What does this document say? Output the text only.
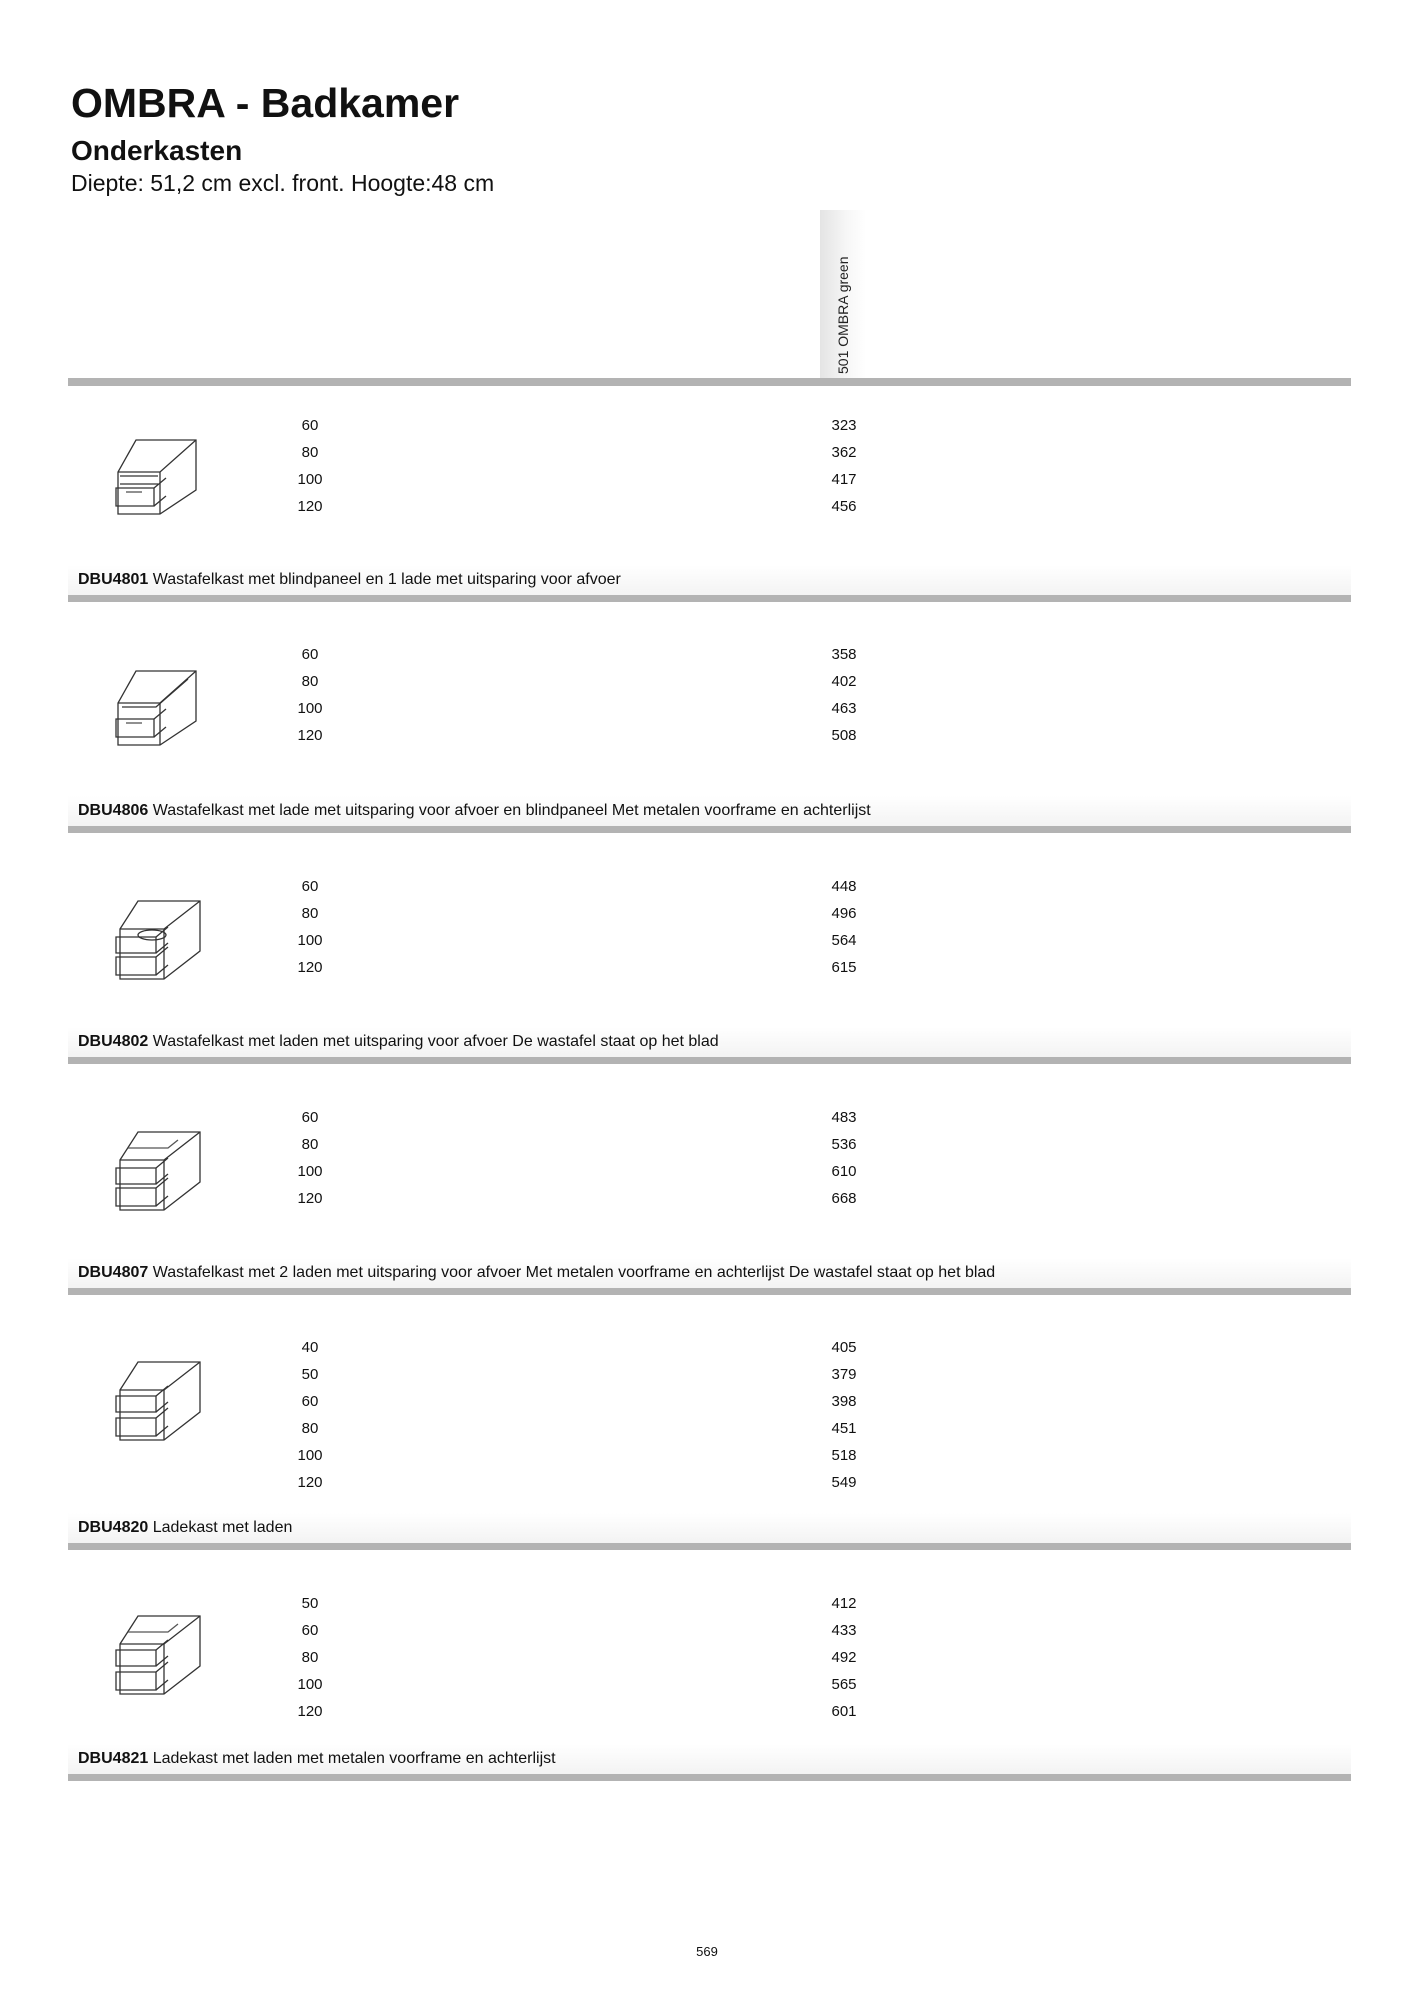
OMBRA - Badkamer
Onderkasten

Diepte: 51,2 cm excl. front. Hoogte:48 cm

501 OMBRA green
60
80
100
120
323
362
417
456
DBU4801 Wastafelkast met blindpaneel en 1 lade met uitsparing voor afvoer
60
80
100
120
358
402
463
508
DBU4806 Wastafelkast met lade met uitsparing voor afvoer en blindpaneel Met metalen voorframe en achterlijst
60
80
100
120
448
496
564
615
DBU4802 Wastafelkast met laden met uitsparing voor afvoer De wastafel staat op het blad
60
80
100
120
483
536
610
668
DBU4807 Wastafelkast met 2 laden met uitsparing voor afvoer Met metalen voorframe en achterlijst De wastafel staat op het blad
40
50
60
80
100
120
405
379
398
451
518
549
DBU4820 Ladekast met laden
50
60
80
100
120
412
433
492
565
601
DBU4821 Ladekast met laden met metalen voorframe en achterlijst
569
